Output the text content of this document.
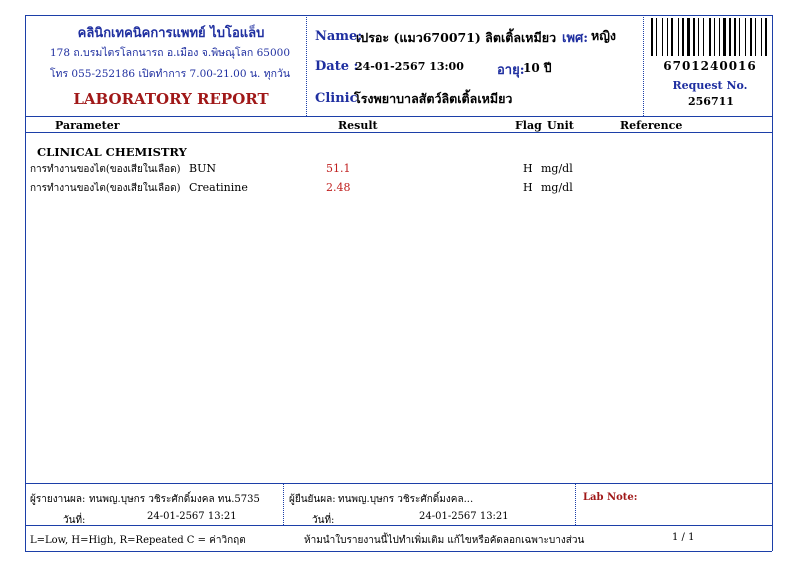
คลินิกเทคนิคการแพทย์ ไบโอแล็บ
178 ถ.บรมไตรโลกนารถ อ.เมือง จ.พิษณุโลก 65000
โทร 055-252186 เปิดทำการ 7.00-21.00 น. ทุกวัน
LABORATORY REPORT
Name:
เปรอะ (แมว670071) ลิตเติ้ลเหมียว เพศ: หญิง
Date :
24-01-2567 13:00	อายุ:
10 ปี
Clinic
โรงพยาบาลสัตว์ลิตเติ้ลเหมียว
6701240016
Request No.
256711
Parameter	Result	Flag Unit	Reference
CLINICAL CHEMISTRY
การทำงานของไต(ของเสียในเลือด) BUN	51.1	H mg/dl
การทำงานของไต(ของเสียในเลือด) Creatinine	2.48	H mg/dl
ผู้รายงานผล: ทนพญ.บุษกร วชิระศักดิ์มงคล ทน.5735
วันที่:	24-01-2567 13:21
ผู้ยืนยันผล: ทนพญ.บุษกร วชิระศักดิ์มงคล...
วันที่:	24-01-2567 13:21
Lab Note:
L=Low, H=High, R=Repeated C = ค่าวิกฤต	ห้ามนำใบรายงานนี้ไปทำเพิ่มเติม แก้ไขหรือคัดลอกเฉพาะบางส่วน	1 / 1
